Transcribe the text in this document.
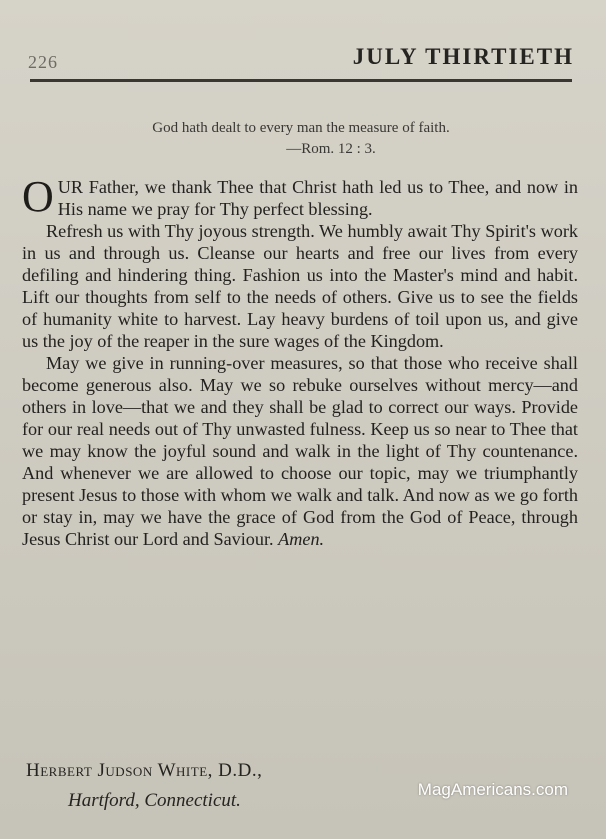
226	JULY THIRTIETH
God hath dealt to every man the measure of faith.
—Rom. 12 : 3.

OUR Father, we thank Thee that Christ hath led us to Thee, and now in His name we pray for Thy perfect blessing.

Refresh us with Thy joyous strength. We humbly await Thy Spirit's work in us and through us. Cleanse our hearts and free our lives from every defiling and hindering thing. Fashion us into the Master's mind and habit. Lift our thoughts from self to the needs of others. Give us to see the fields of humanity white to harvest. Lay heavy burdens of toil upon us, and give us the joy of the reaper in the sure wages of the Kingdom.

May we give in running-over measures, so that those who receive shall become generous also. May we so rebuke ourselves without mercy—and others in love—that we and they shall be glad to correct our ways. Provide for our real needs out of Thy unwasted fulness. Keep us so near to Thee that we may know the joyful sound and walk in the light of Thy countenance. And whenever we are allowed to choose our topic, may we triumphantly present Jesus to those with whom we walk and talk. And now as we go forth or stay in, may we have the grace of God from the God of Peace, through Jesus Christ our Lord and Saviour. Amen.

Herbert Judson White, D.D.,
Hartford, Connecticut.
MagAmericans.com
